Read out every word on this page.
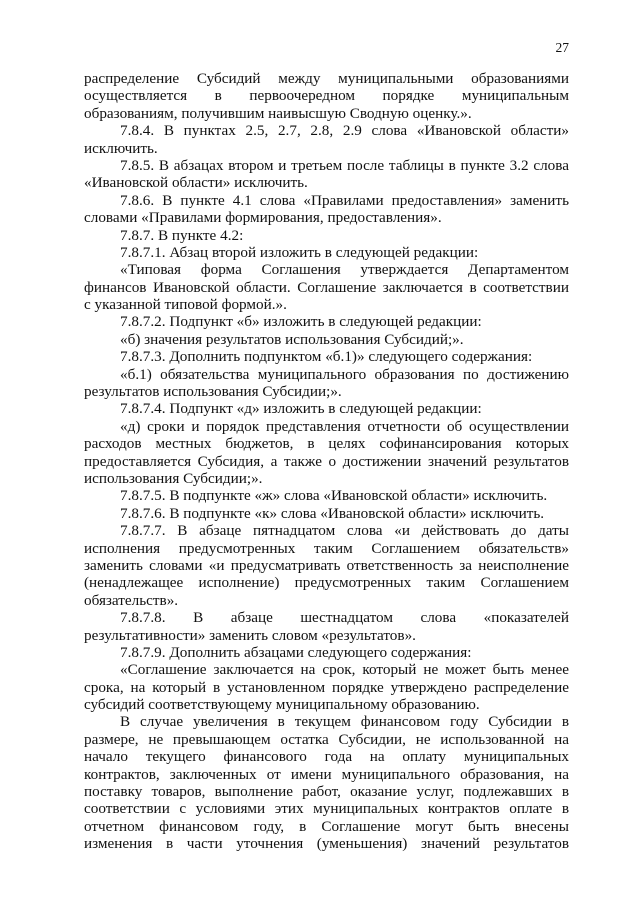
27
распределение Субсидий между муниципальными образованиями
осуществляется в первоочередном порядке муниципальным
образованиям, получившим наивысшую Сводную оценку.».
7.8.4. В пунктах 2.5, 2.7, 2.8, 2.9 слова «Ивановской области»
исключить.
7.8.5. В абзацах втором и третьем после таблицы в пункте 3.2 слова
«Ивановской области» исключить.
7.8.6. В пункте 4.1 слова «Правилами предоставления» заменить
словами «Правилами формирования, предоставления».
7.8.7. В пункте 4.2:
7.8.7.1. Абзац второй изложить в следующей редакции:
«Типовая форма Соглашения утверждается Департаментом
финансов Ивановской области. Соглашение заключается в соответствии
с указанной типовой формой.».
7.8.7.2. Подпункт «б» изложить в следующей редакции:
«б) значения результатов использования Субсидий;».
7.8.7.3. Дополнить подпунктом «б.1)» следующего содержания:
«б.1) обязательства муниципального образования по достижению
результатов использования Субсидии;».
7.8.7.4. Подпункт «д» изложить в следующей редакции:
«д) сроки и порядок представления отчетности об осуществлении
расходов местных бюджетов, в целях софинансирования которых
предоставляется Субсидия, а также о достижении значений результатов
использования Субсидии;».
7.8.7.5. В подпункте «ж» слова «Ивановской области» исключить.
7.8.7.6. В подпункте «к» слова «Ивановской области» исключить.
7.8.7.7. В абзаце пятнадцатом слова «и действовать до даты
исполнения предусмотренных таким Соглашением обязательств»
заменить словами «и предусматривать ответственность за неисполнение
(ненадлежащее исполнение) предусмотренных таким Соглашением
обязательств».
7.8.7.8. В абзаце шестнадцатом слова «показателей
результативности» заменить словом «результатов».
7.8.7.9. Дополнить абзацами следующего содержания:
«Соглашение заключается на срок, который не может быть менее
срока, на который в установленном порядке утверждено распределение
субсидий соответствующему муниципальному образованию.
В случае увеличения в текущем финансовом году Субсидии в
размере, не превышающем остатка Субсидии, не использованной на
начало текущего финансового года на оплату муниципальных
контрактов, заключенных от имени муниципального образования, на
поставку товаров, выполнение работ, оказание услуг, подлежавших в
соответствии с условиями этих муниципальных контрактов оплате в
отчетном финансовом году, в Соглашение могут быть внесены
изменения в части уточнения (уменьшения) значений результатов
